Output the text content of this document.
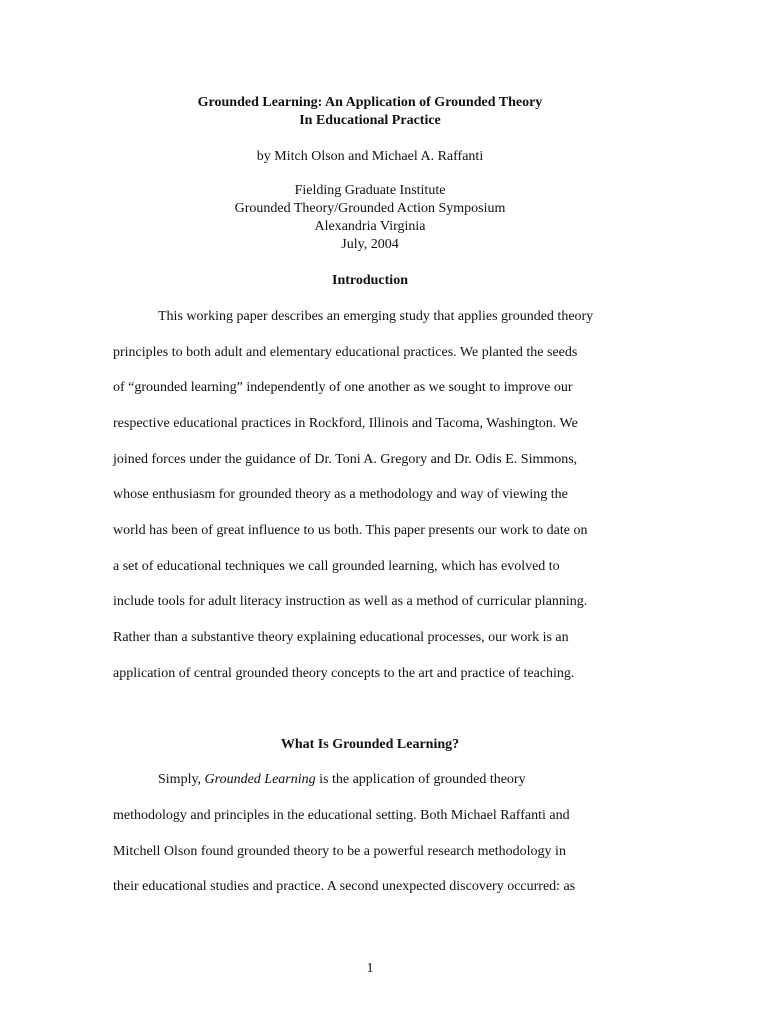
Grounded Learning: An Application of Grounded Theory
In Educational Practice
by Mitch Olson and Michael A. Raffanti
Fielding Graduate Institute
Grounded Theory/Grounded Action Symposium
Alexandria Virginia
July, 2004
Introduction
This working paper describes an emerging study that applies grounded theory
principles to both adult and elementary educational practices. We planted the seeds
of “grounded learning” independently of one another as we sought to improve our
respective educational practices in Rockford, Illinois and Tacoma, Washington. We
joined forces under the guidance of Dr. Toni A. Gregory and Dr. Odis E. Simmons,
whose enthusiasm for grounded theory as a methodology and way of viewing the
world has been of great influence to us both. This paper presents our work to date on
a set of educational techniques we call grounded learning, which has evolved to
include tools for adult literacy instruction as well as a method of curricular planning.
Rather than a substantive theory explaining educational processes, our work is an
application of central grounded theory concepts to the art and practice of teaching.
What Is Grounded Learning?
Simply, Grounded Learning is the application of grounded theory
methodology and principles in the educational setting. Both Michael Raffanti and
Mitchell Olson found grounded theory to be a powerful research methodology in
their educational studies and practice. A second unexpected discovery occurred: as
1
